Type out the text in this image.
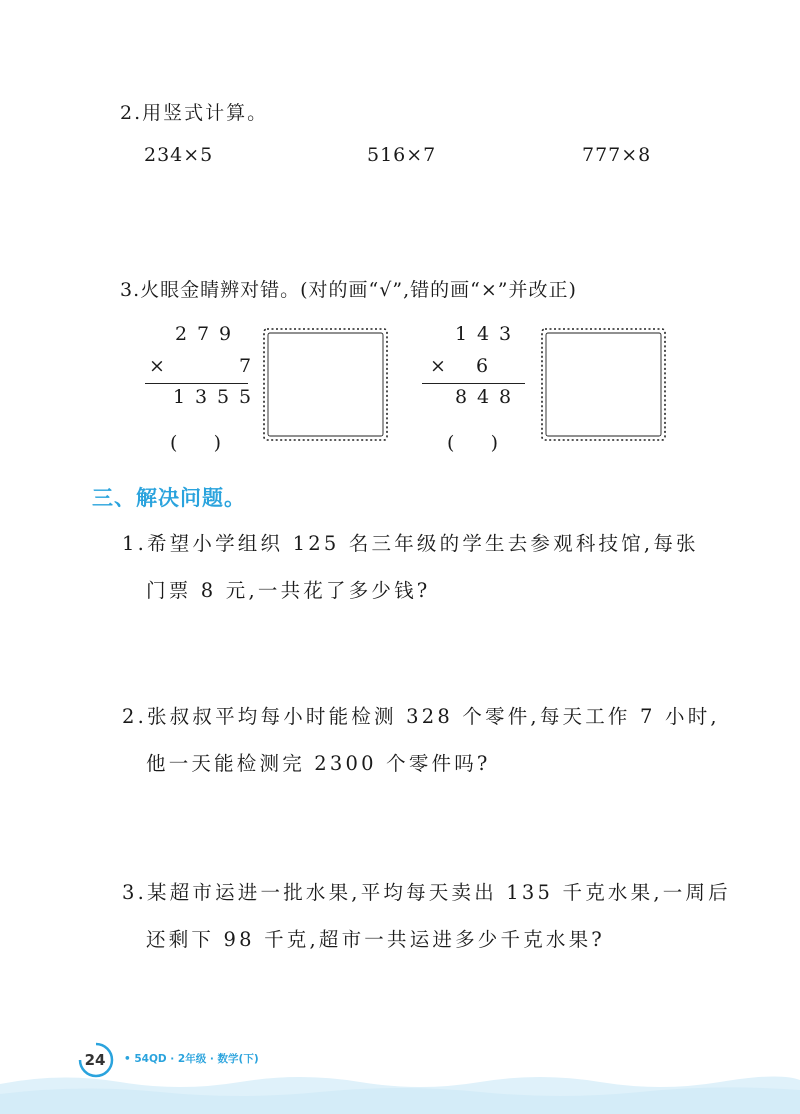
2.用竖式计算。
234×5	516×7	777×8
3.火眼金睛辨对错。(对的画“√”,错的画“×”并改正)
2 7 9
×	7
1 3 5 5
(      )
1 4 3
× 6
8 4 8
(      )
三、解决问题。
1.希望小学组织 125 名三年级的学生去参观科技馆,每张
门票 8 元,一共花了多少钱?
2.张叔叔平均每小时能检测 328 个零件,每天工作 7 小时,
他一天能检测完 2300 个零件吗?
3.某超市运进一批水果,平均每天卖出 135 千克水果,一周后
还剩下 98 千克,超市一共运进多少千克水果?
24	• 54QD · 2年级 · 数学(下)
